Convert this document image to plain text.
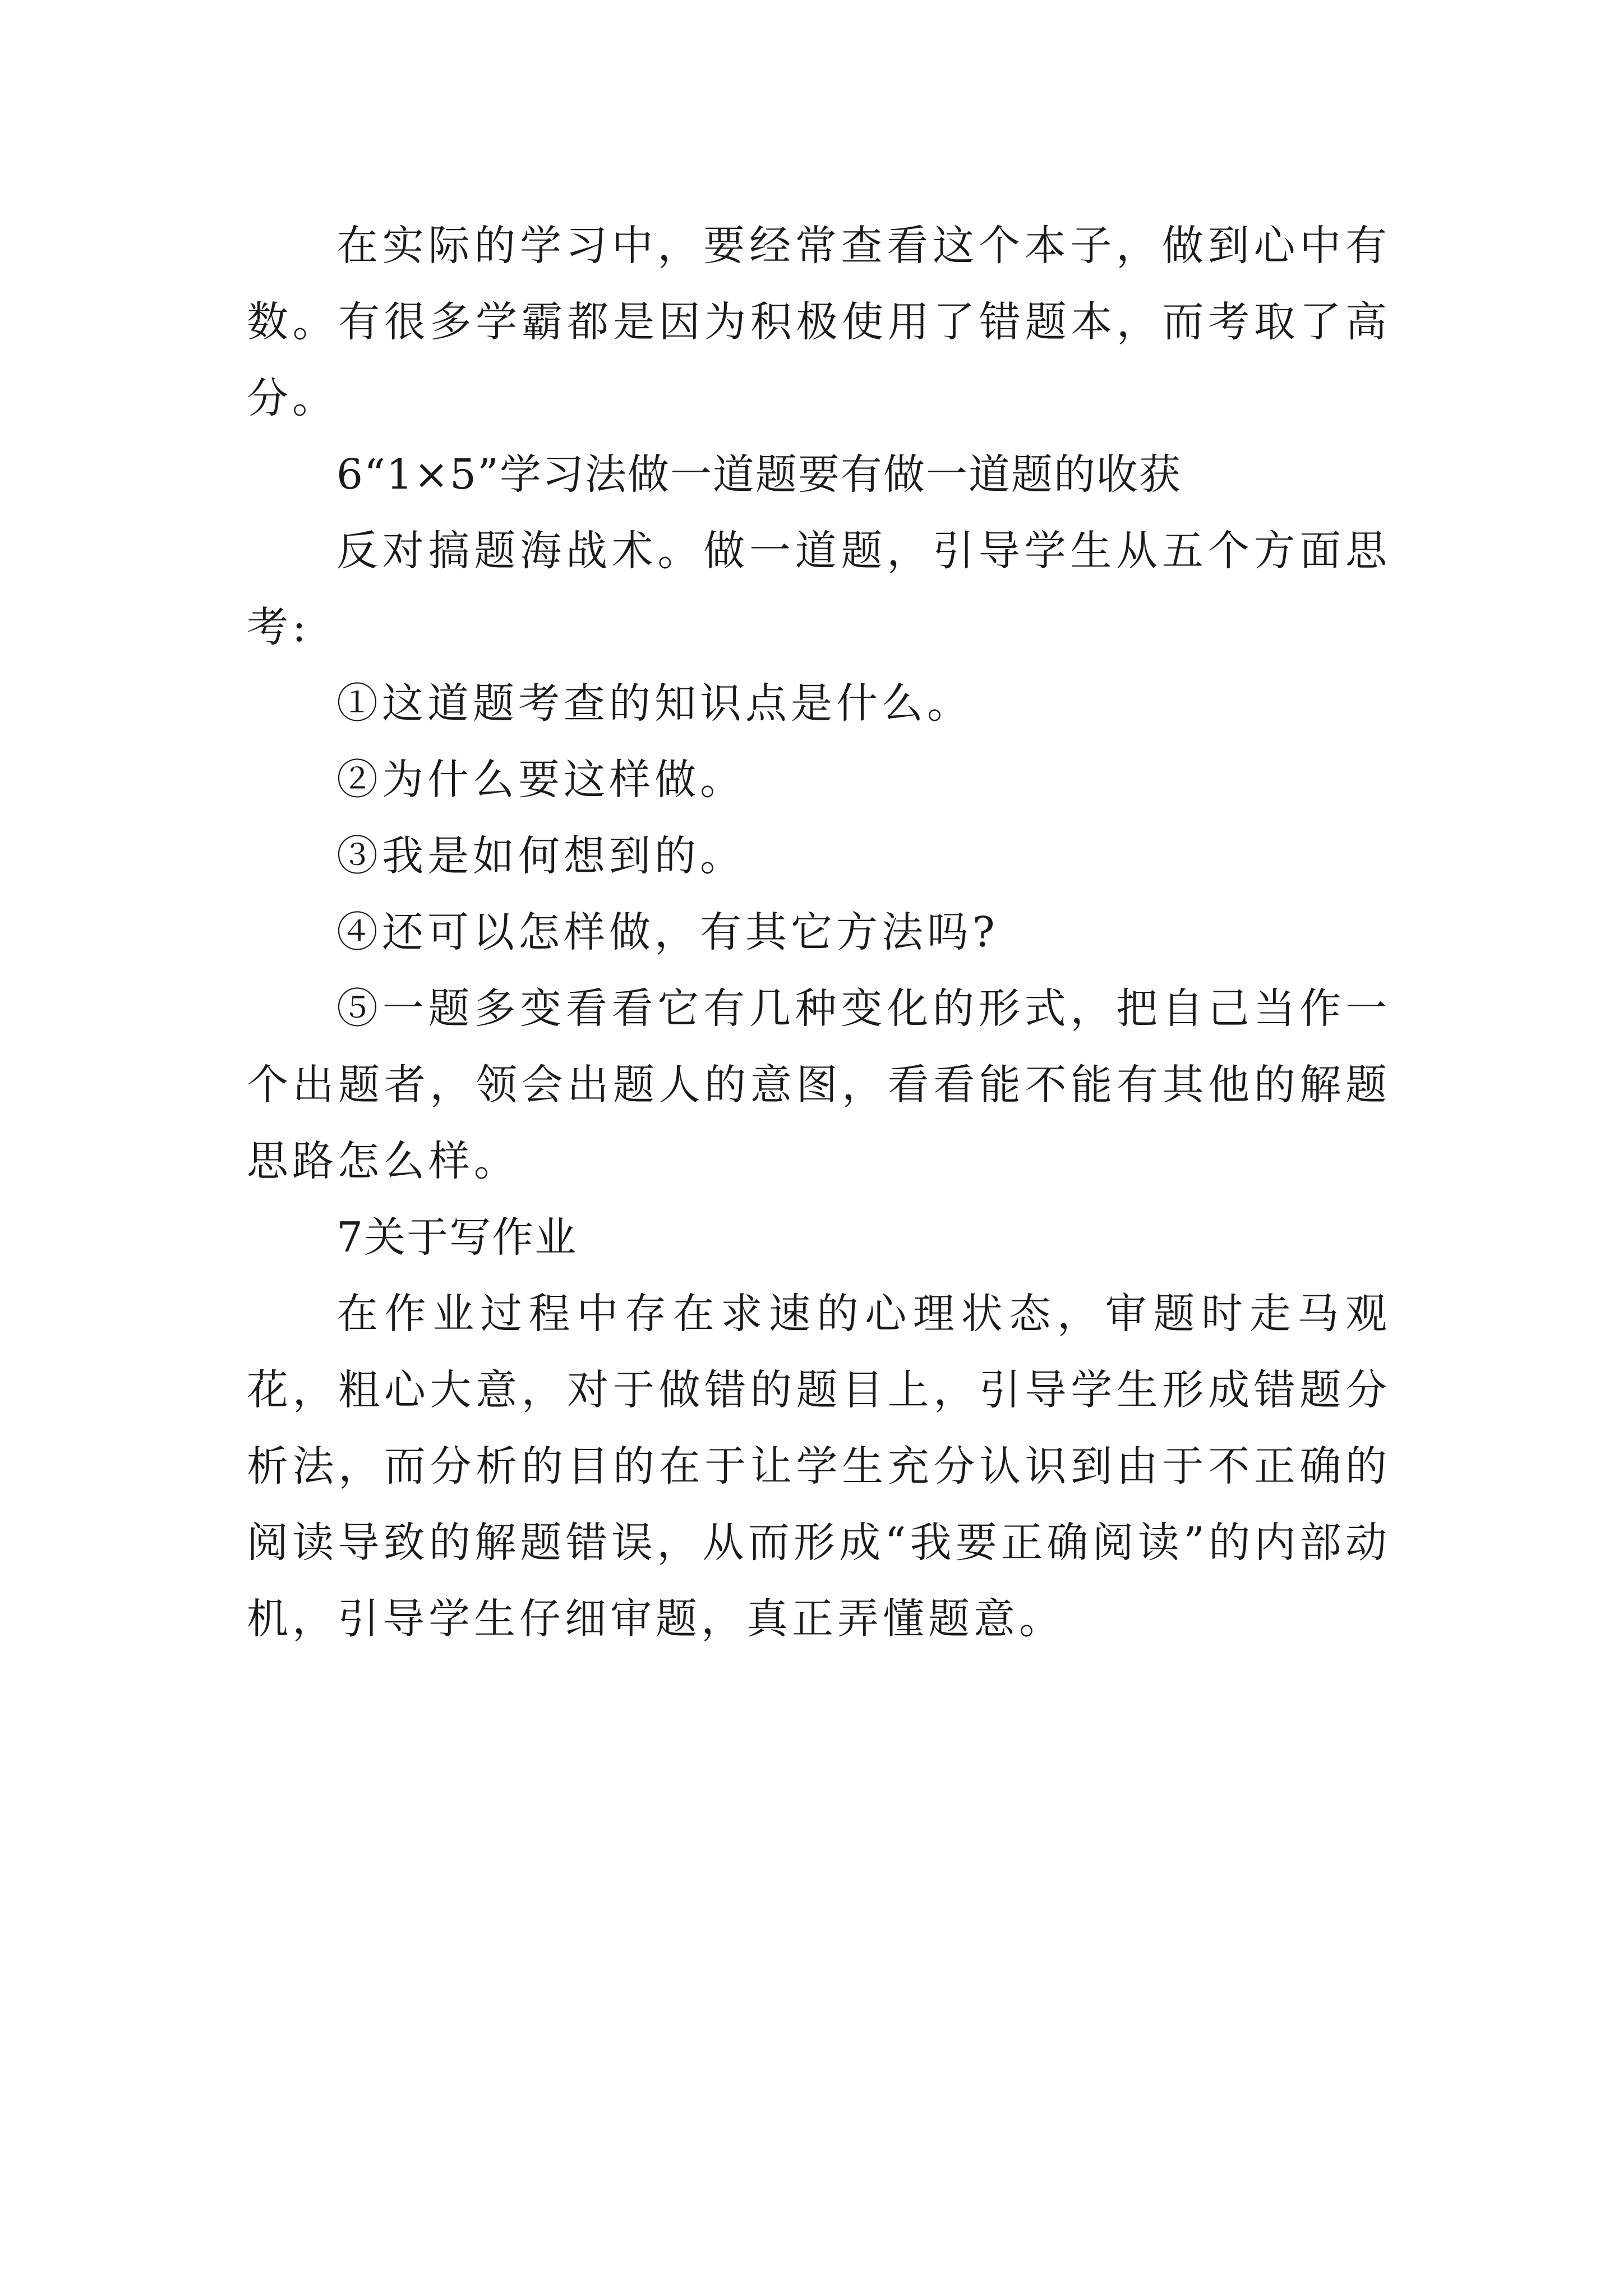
在实际的学习中，要经常查看这个本子，做到心中有数。有很多学霸都是因为积极使用了错题本，而考取了高分。

6“1×5”学习法做一道题要有做一道题的收获

反对搞题海战术。做一道题，引导学生从五个方面思考:

①这道题考查的知识点是什么。

②为什么要这样做。

③我是如何想到的。

④还可以怎样做，有其它方法吗?

⑤一题多变看看它有几种变化的形式，把自己当作一个出题者，领会出题人的意图，看看能不能有其他的解题思路怎么样。

7关于写作业

在作业过程中存在求速的心理状态，审题时走马观花，粗心大意，对于做错的题目上，引导学生形成错题分析法，而分析的目的在于让学生充分认识到由于不正确的阅读导致的解题错误，从而形成“我要正确阅读”的内部动机，引导学生仔细审题，真正弄懂题意。
